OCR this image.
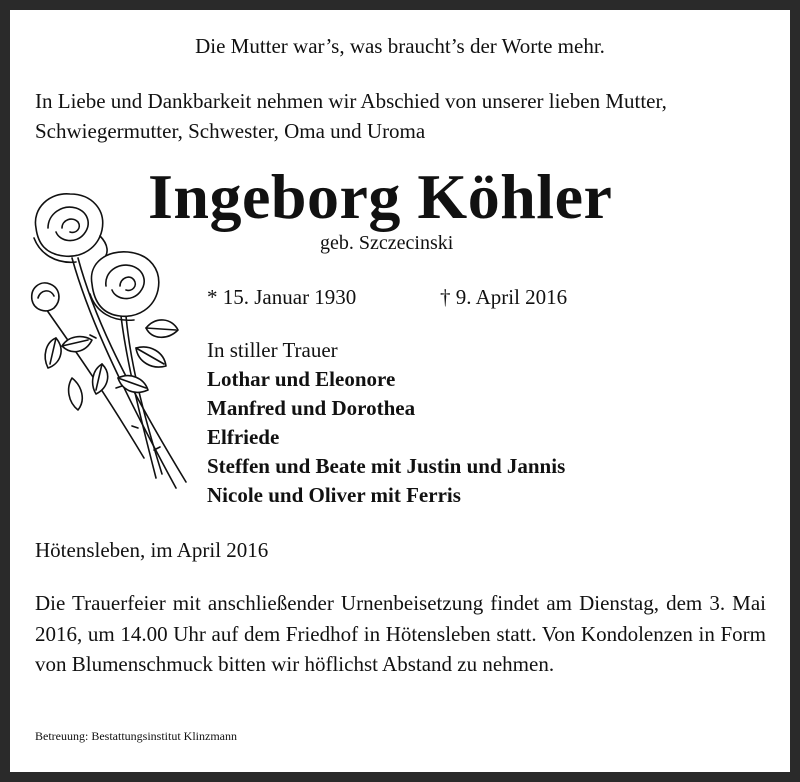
Die Mutter war’s, was braucht’s der Worte mehr.
In Liebe und Dankbarkeit nehmen wir Abschied von unserer lieben Mutter, Schwiegermutter, Schwester, Oma und Uroma
Ingeborg Köhler
geb. Szczecinski
* 15. Januar 1930	† 9. April 2016
In stiller Trauer
Lothar und Eleonore
Manfred und Dorothea
Elfriede
Steffen und Beate mit Justin und Jannis
Nicole und Oliver mit Ferris
Hötensleben, im April 2016
Die Trauerfeier mit anschließender Urnenbeisetzung findet am Dienstag, dem 3. Mai 2016, um 14.00 Uhr auf dem Friedhof in Hötensleben statt. Von Kondolenzen in Form von Blumenschmuck bitten wir höflichst Abstand zu nehmen.
Betreuung: Bestattungsinstitut Klinzmann
